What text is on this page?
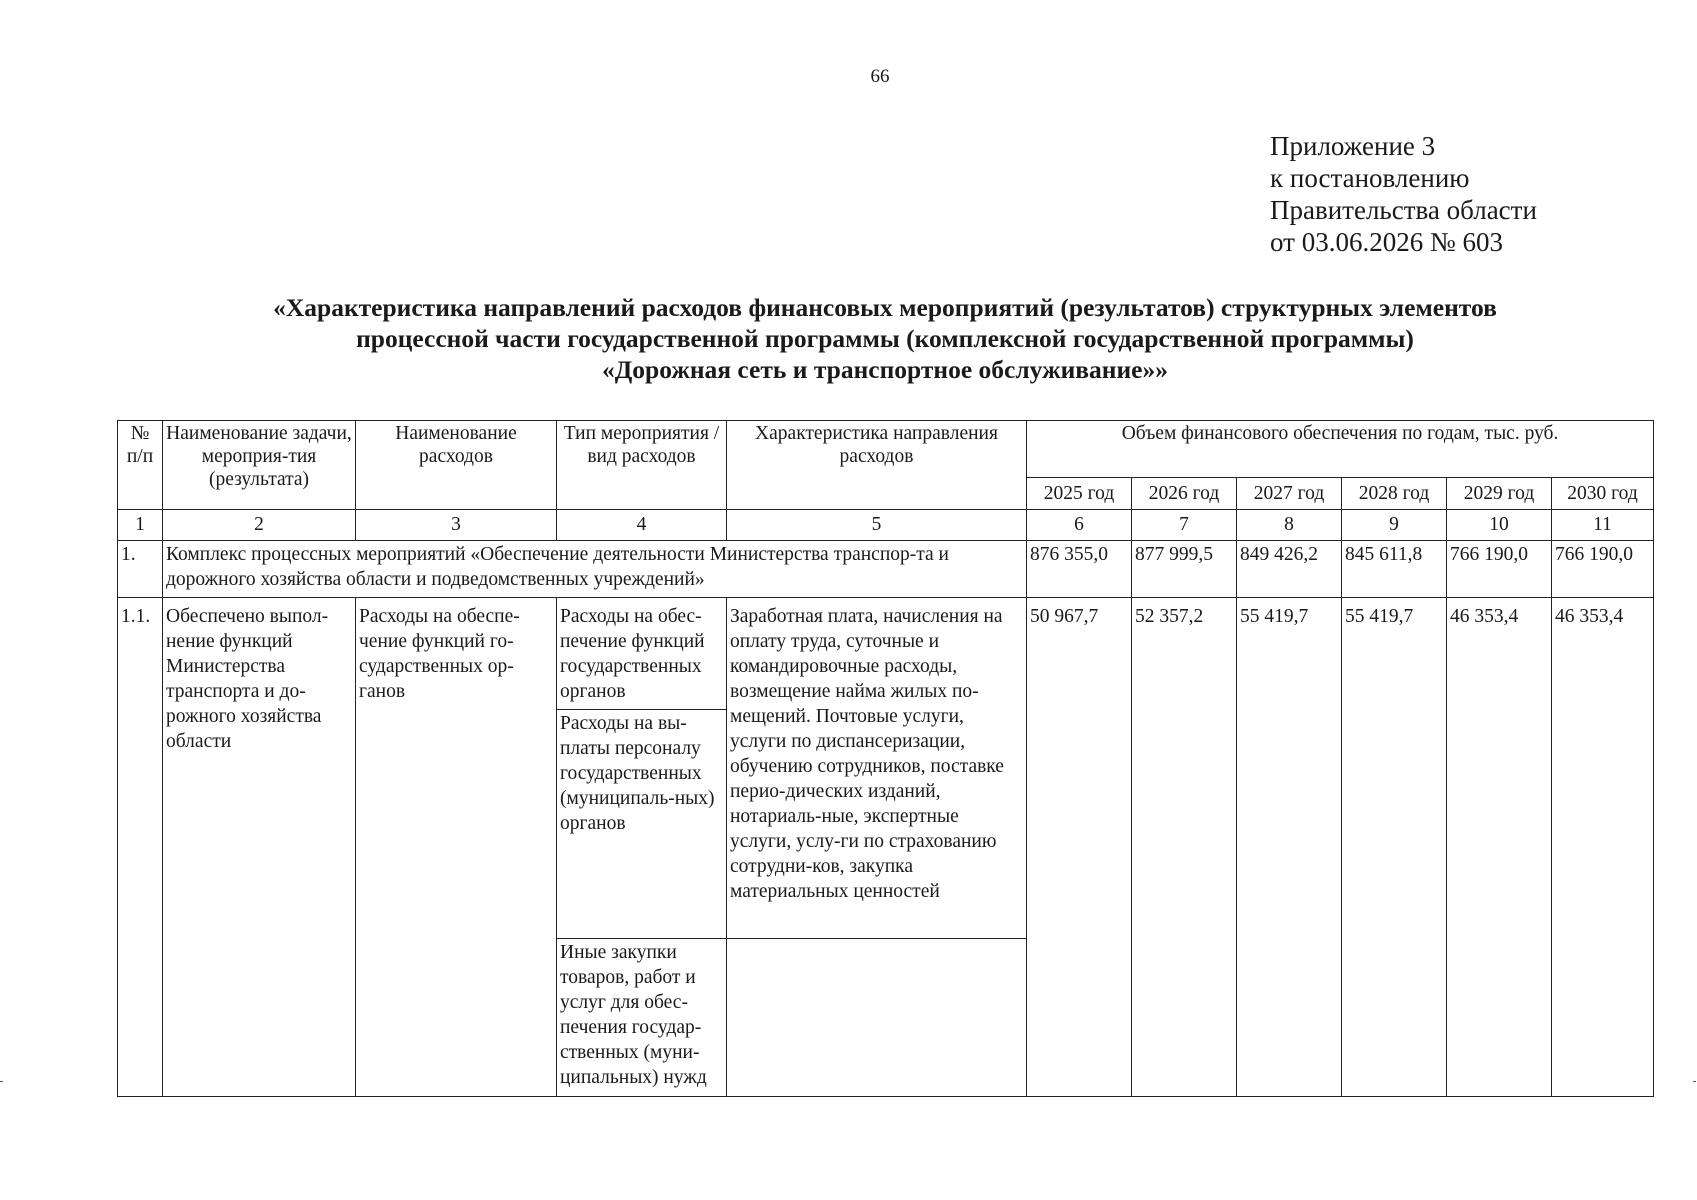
66
Приложение 3
к постановлению
Правительства области
от 03.06.2026 № 603
«Характеристика направлений расходов финансовых мероприятий (результатов) структурных элементов
процессной части государственной программы (комплексной государственной программы)
«Дорожная сеть и транспортное обслуживание»»
№ п/п	Наименование задачи, мероприя-тия (результата)	Наименование расходов	Тип мероприятия / вид расходов	Характеристика направления расходов	Объем финансового обеспечения по годам, тыс. руб.					
					2025 год	2026 год	2027 год	2028 год	2029 год	2030 год
1	2	3	4	5	6	7	8	9	10	11
1.	Комплекс процессных мероприятий «Обеспечение деятельности Министерства транспор-та и дорожного хозяйства области и подведомственных учреждений»				876 355,0	877 999,5	849 426,2	845 611,8	766 190,0	766 190,0
1.1.	Обеспечено выпол-нение функций Министерства транспорта и до-рожного хозяйства области	Расходы на обеспе-чение функций го-сударственных ор-ганов	Расходы на обес-печение функций государственных органов	Заработная плата, начисления на оплату труда, суточные и командировочные расходы, возмещение найма жилых по-мещений. Почтовые услуги, услуги по диспансеризации, обучению сотрудников, поставке перио-дических изданий, нотариаль-ные, экспертные услуги, услу-ги по страхованию сотрудни-ков, закупка материальных ценностей	50 967,7	52 357,2	55 419,7	55 419,7	46 353,4	46 353,4
			Расходы на вы-платы персоналу государственных (муниципаль-ных) органов							
			Иные закупки товаров, работ и услуг для обес-печения государ-ственных (муни-ципальных) нужд							
